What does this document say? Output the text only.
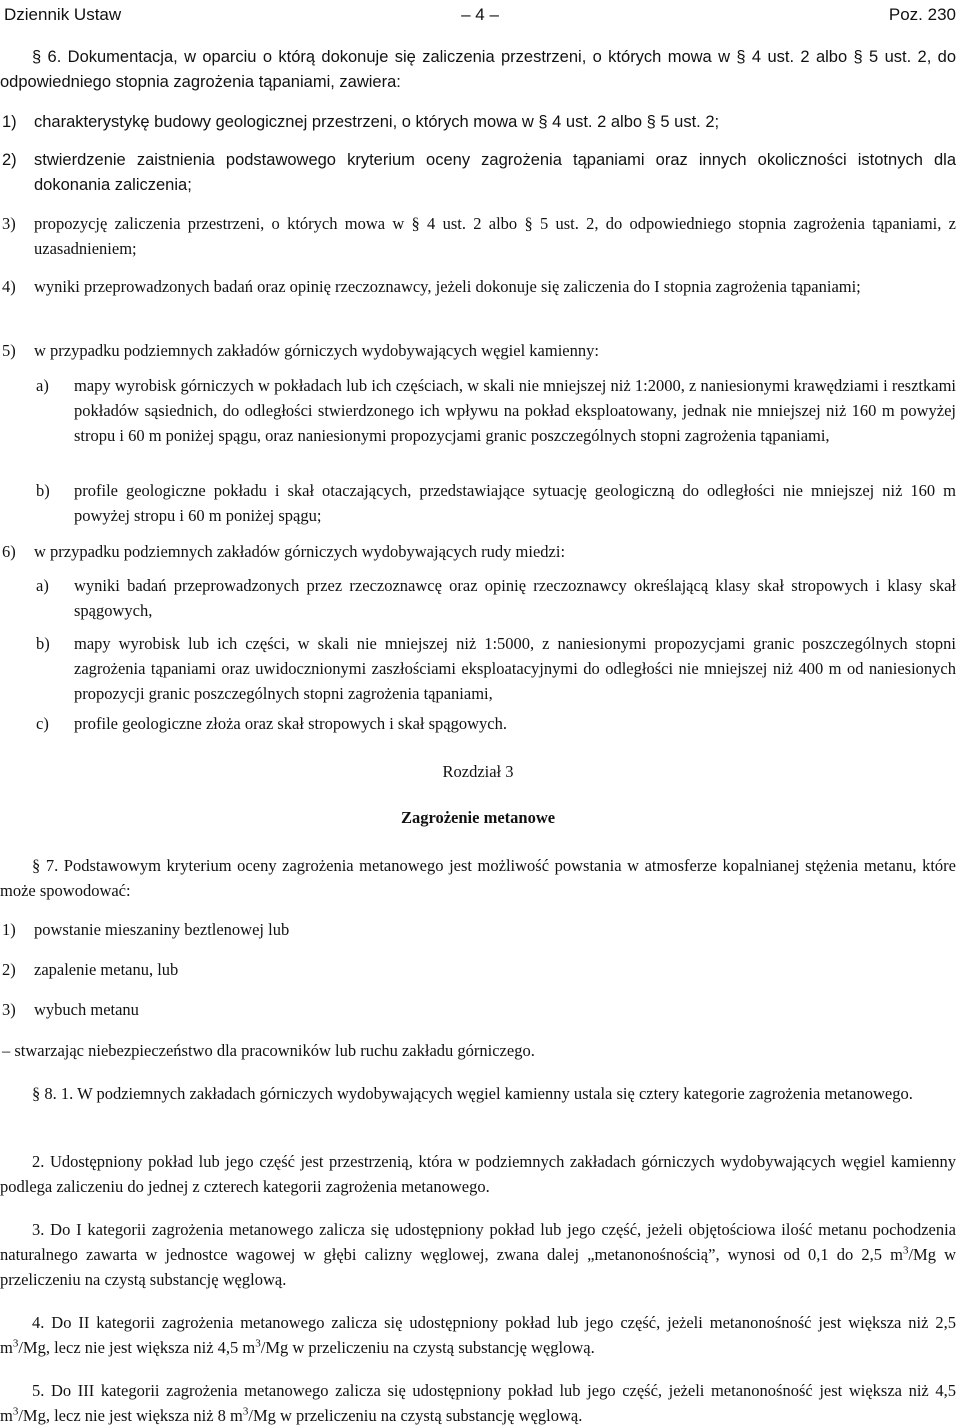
Dziennik Ustaw	– 4 –	Poz. 230

§ 6. Dokumentacja, w oparciu o którą dokonuje się zaliczenia przestrzeni, o których mowa w § 4 ust. 2 albo § 5 ust. 2, do odpowiedniego stopnia zagrożenia tąpaniami, zawiera:

1) charakterystykę budowy geologicznej przestrzeni, o których mowa w § 4 ust. 2 albo § 5 ust. 2;
2) stwierdzenie zaistnienia podstawowego kryterium oceny zagrożenia tąpaniami oraz innych okoliczności istotnych dla dokonania zaliczenia;
3) propozycję zaliczenia przestrzeni, o których mowa w § 4 ust. 2 albo § 5 ust. 2, do odpowiedniego stopnia zagrożenia tąpaniami, z uzasadnieniem;
4) wyniki przeprowadzonych badań oraz opinię rzeczoznawcy, jeżeli dokonuje się zaliczenia do I stopnia zagrożenia tąpaniami;
5) w przypadku podziemnych zakładów górniczych wydobywających węgiel kamienny:
a) mapy wyrobisk górniczych w pokładach lub ich częściach, w skali nie mniejszej niż 1:2000, z naniesionymi krawędziami i resztkami pokładów sąsiednich, do odległości stwierdzonego ich wpływu na pokład eksploatowany, jednak nie mniejszej niż 160 m powyżej stropu i 60 m poniżej spągu, oraz naniesionymi propozycjami granic poszczególnych stopni zagrożenia tąpaniami,
b) profile geologiczne pokładu i skał otaczających, przedstawiające sytuację geologiczną do odległości nie mniejszej niż 160 m powyżej stropu i 60 m poniżej spągu;
6) w przypadku podziemnych zakładów górniczych wydobywających rudy miedzi:
a) wyniki badań przeprowadzonych przez rzeczoznawcę oraz opinię rzeczoznawcy określającą klasy skał stropowych i klasy skał spągowych,
b) mapy wyrobisk lub ich części, w skali nie mniejszej niż 1:5000, z naniesionymi propozycjami granic poszczególnych stopni zagrożenia tąpaniami oraz uwidocznionymi zaszłościami eksploatacyjnymi do odległości nie mniejszej niż 400 m od naniesionych propozycji granic poszczególnych stopni zagrożenia tąpaniami,
c) profile geologiczne złoża oraz skał stropowych i skał spągowych.
Rozdział 3
Zagrożenie metanowe

§ 7. Podstawowym kryterium oceny zagrożenia metanowego jest możliwość powstania w atmosferze kopalnianej stężenia metanu, które może spowodować:

1) powstanie mieszaniny beztlenowej lub
2) zapalenie metanu, lub
3) wybuch metanu

– stwarzając niebezpieczeństwo dla pracowników lub ruchu zakładu górniczego.

§ 8. 1. W podziemnych zakładach górniczych wydobywających węgiel kamienny ustala się cztery kategorie zagrożenia metanowego.

2. Udostępniony pokład lub jego część jest przestrzenią, która w podziemnych zakładach górniczych wydobywających węgiel kamienny podlega zaliczeniu do jednej z czterech kategorii zagrożenia metanowego.

3. Do I kategorii zagrożenia metanowego zalicza się udostępniony pokład lub jego część, jeżeli objętościowa ilość metanu pochodzenia naturalnego zawarta w jednostce wagowej w głębi calizny węglowej, zwana dalej „metanonośnością”, wynosi od 0,1 do 2,5 $m^3/Mg$ w przeliczeniu na czystą substancję węglową.

4. Do II kategorii zagrożenia metanowego zalicza się udostępniony pokład lub jego część, jeżeli metanonośność jest większa niż 2,5 $m^3/Mg$, lecz nie jest większa niż 4,5 $m^3/Mg$ w przeliczeniu na czystą substancję węglową.

5. Do III kategorii zagrożenia metanowego zalicza się udostępniony pokład lub jego część, jeżeli metanonośność jest większa niż 4,5 $m^3/Mg$, lecz nie jest większa niż 8 $m^3/Mg$ w przeliczeniu na czystą substancję węglową.
